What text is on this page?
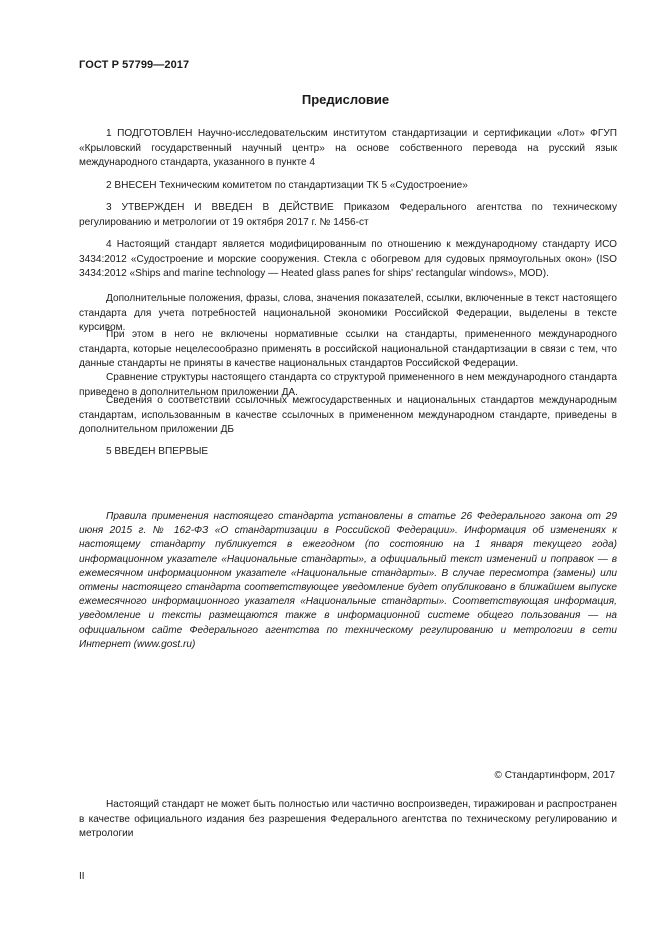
ГОСТ Р 57799—2017
Предисловие

1 ПОДГОТОВЛЕН Научно-исследовательским институтом стандартизации и сертификации «Лот» ФГУП «Крыловский государственный научный центр» на основе собственного перевода на русский язык международного стандарта, указанного в пункте 4

2 ВНЕСЕН Техническим комитетом по стандартизации ТК 5 «Судостроение»

3 УТВЕРЖДЕН И ВВЕДЕН В ДЕЙСТВИЕ Приказом Федерального агентства по техническому регулированию и метрологии от 19 октября 2017 г. № 1456-ст

4 Настоящий стандарт является модифицированным по отношению к международному стандарту ИСО 3434:2012 «Судостроение и морские сооружения. Стекла с обогревом для судовых прямоугольных окон» (ISO 3434:2012 «Ships and marine technology — Heated glass panes for ships' rectangular windows», MOD).

Дополнительные положения, фразы, слова, значения показателей, ссылки, включенные в текст настоящего стандарта для учета потребностей национальной экономики Российской Федерации, выделены в тексте курсивом.

При этом в него не включены нормативные ссылки на стандарты, примененного международного стандарта, которые нецелесообразно применять в российской национальной стандартизации в связи с тем, что данные стандарты не приняты в качестве национальных стандартов Российской Федерации.

Сравнение структуры настоящего стандарта со структурой примененного в нем международного стандарта приведено в дополнительном приложении ДА.

Сведения о соответствии ссылочных межгосударственных и национальных стандартов международным стандартам, использованным в качестве ссылочных в примененном международном стандарте, приведены в дополнительном приложении ДБ

5 ВВЕДЕН ВПЕРВЫЕ

Правила применения настоящего стандарта установлены в статье 26 Федерального закона от 29 июня 2015 г. № 162-ФЗ «О стандартизации в Российской Федерации». Информация об изменениях к настоящему стандарту публикуется в ежегодном (по состоянию на 1 января текущего года) информационном указателе «Национальные стандарты», а официальный текст изменений и поправок — в ежемесячном информационном указателе «Национальные стандарты». В случае пересмотра (замены) или отмены настоящего стандарта соответствующее уведомление будет опубликовано в ближайшем выпуске ежемесячного информационного указателя «Национальные стандарты». Соответствующая информация, уведомление и тексты размещаются также в информационной системе общего пользования — на официальном сайте Федерального агентства по техническому регулированию и метрологии в сети Интернет (www.gost.ru)

© Стандартинформ, 2017

Настоящий стандарт не может быть полностью или частично воспроизведен, тиражирован и распространен в качестве официального издания без разрешения Федерального агентства по техническому регулированию и метрологии

II
